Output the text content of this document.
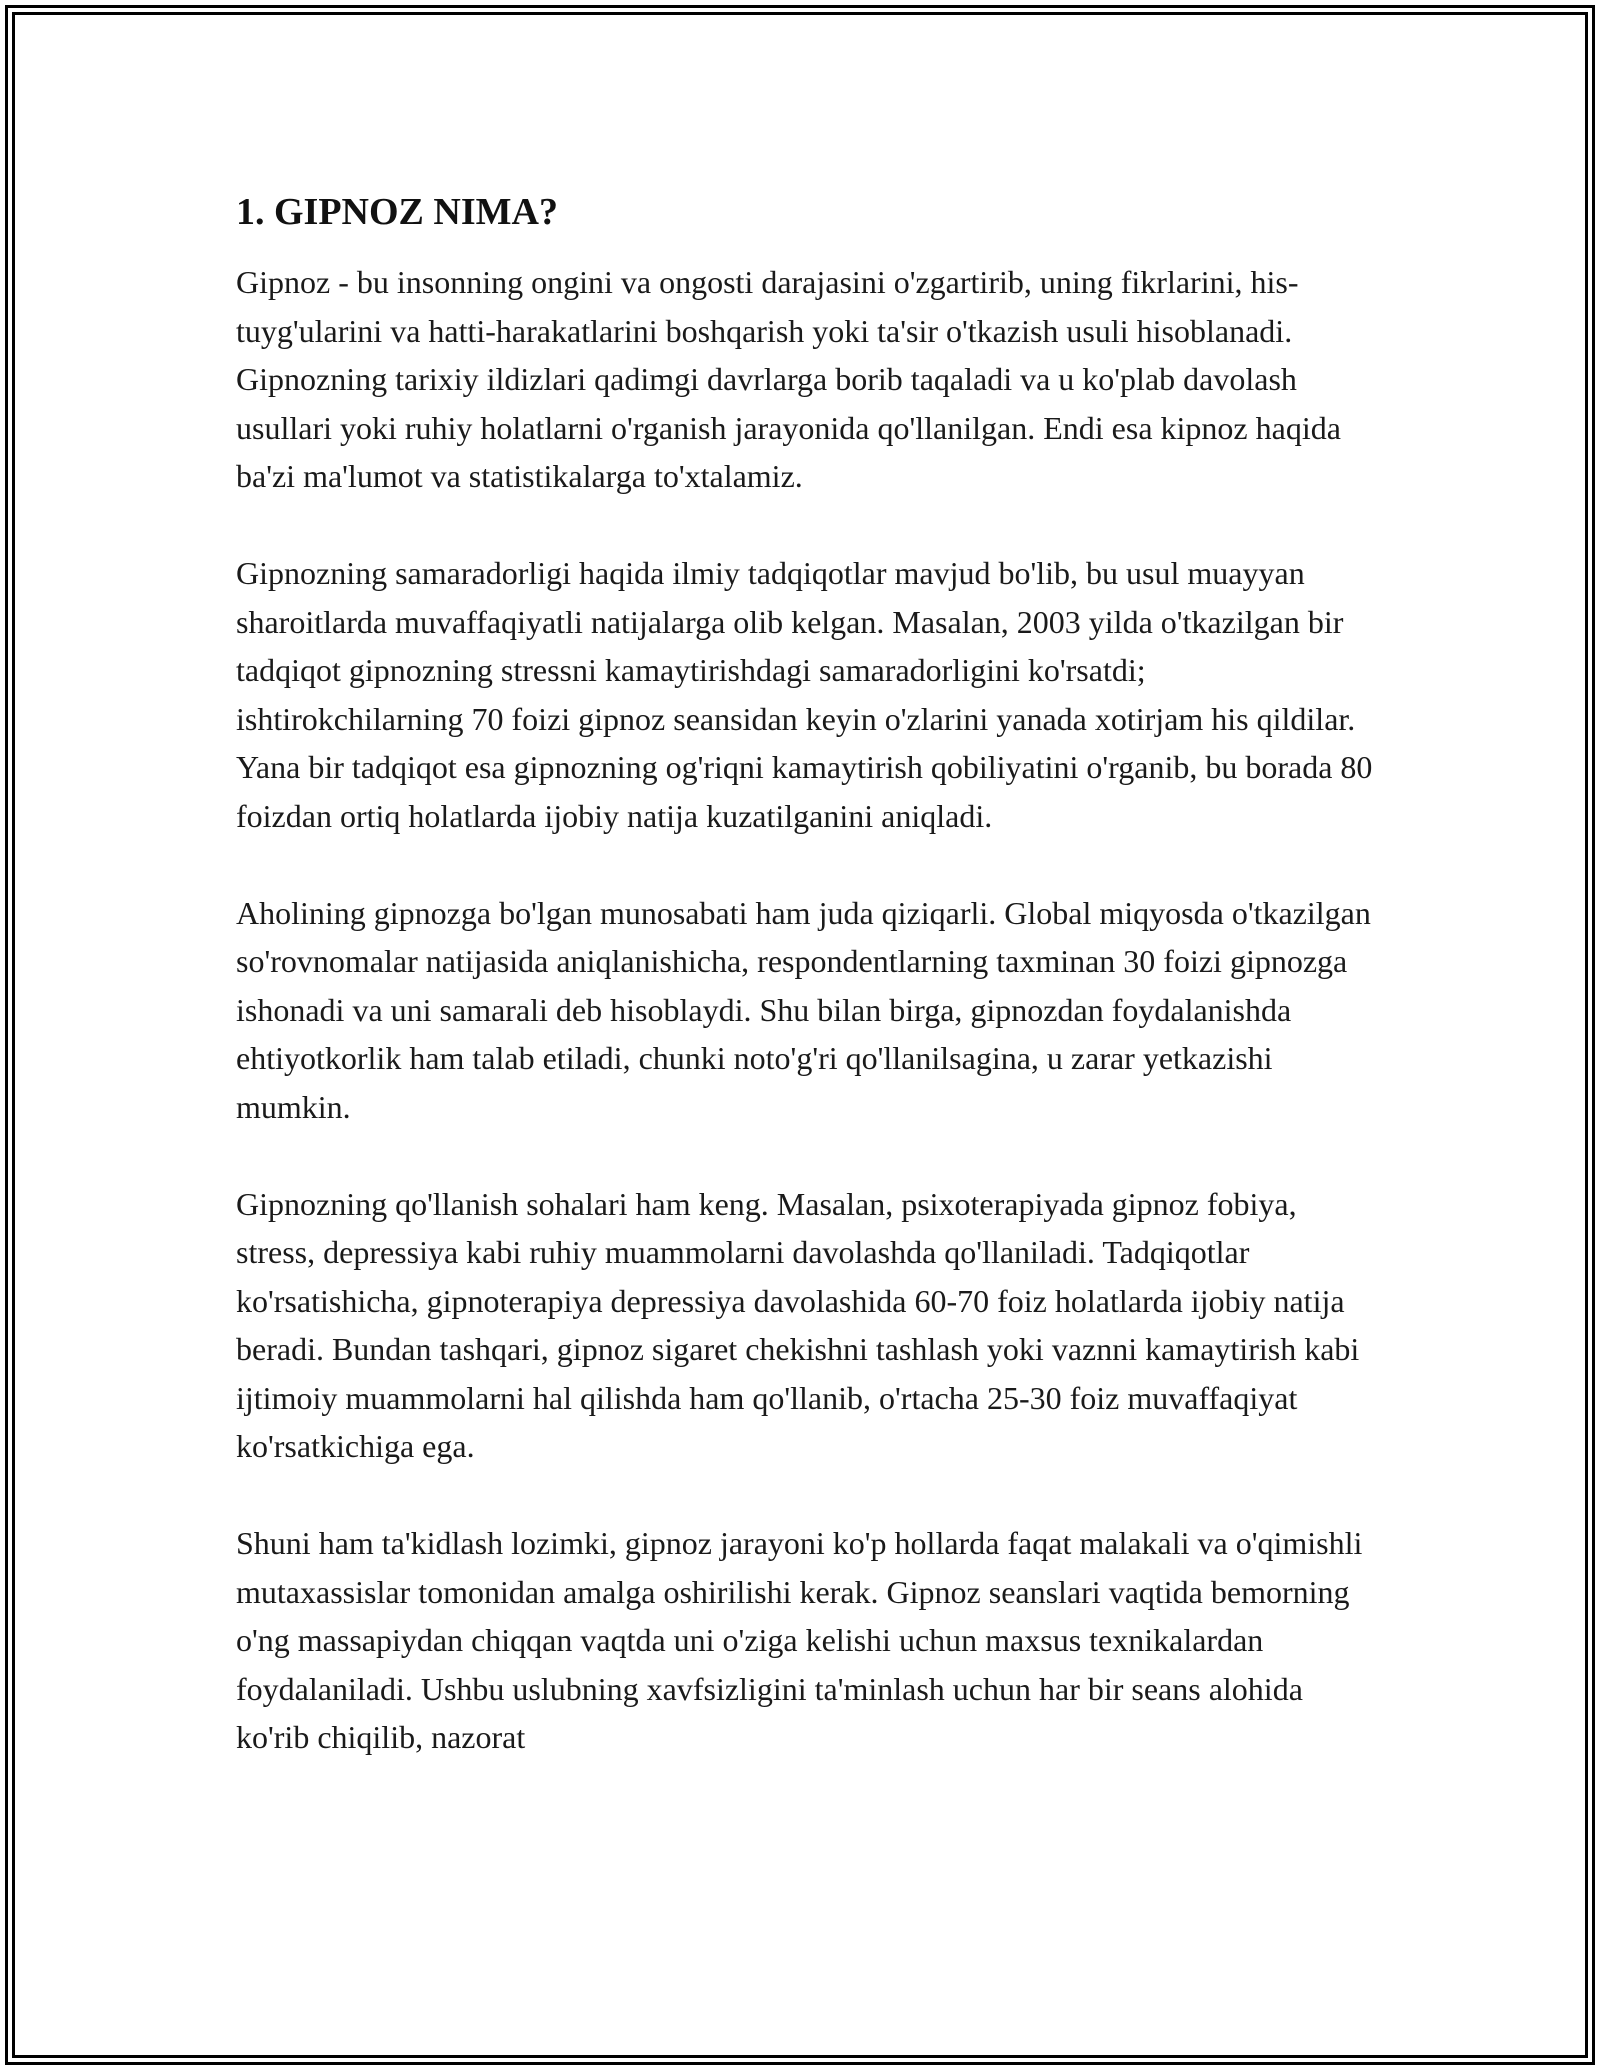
1. GIPNOZ NIMA?

Gipnoz - bu insonning ongini va ongosti darajasini o'zgartirib, uning fikrlarini, his-tuyg'ularini va hatti-harakatlarini boshqarish yoki ta'sir o'tkazish usuli hisoblanadi. Gipnozning tarixiy ildizlari qadimgi davrlarga borib taqaladi va u ko'plab davolash usullari yoki ruhiy holatlarni o'rganish jarayonida qo'llanilgan. Endi esa kipnoz haqida ba'zi ma'lumot va statistikalarga to'xtalamiz.

Gipnozning samaradorligi haqida ilmiy tadqiqotlar mavjud bo'lib, bu usul muayyan sharoitlarda muvaffaqiyatli natijalarga olib kelgan. Masalan, 2003 yilda o'tkazilgan bir tadqiqot gipnozning stressni kamaytirishdagi samaradorligini ko'rsatdi; ishtirokchilarning 70 foizi gipnoz seansidan keyin o'zlarini yanada xotirjam his qildilar. Yana bir tadqiqot esa gipnozning og'riqni kamaytirish qobiliyatini o'rganib, bu borada 80 foizdan ortiq holatlarda ijobiy natija kuzatilganini aniqladi.

Aholining gipnozga bo'lgan munosabati ham juda qiziqarli. Global miqyosda o'tkazilgan so'rovnomalar natijasida aniqlanishicha, respondentlarning taxminan 30 foizi gipnozga ishonadi va uni samarali deb hisoblaydi. Shu bilan birga, gipnozdan foydalanishda ehtiyotkorlik ham talab etiladi, chunki noto'g'ri qo'llanilsagina, u zarar yetkazishi mumkin.

Gipnozning qo'llanish sohalari ham keng. Masalan, psixoterapiyada gipnoz fobiya, stress, depressiya kabi ruhiy muammolarni davolashda qo'llaniladi. Tadqiqotlar ko'rsatishicha, gipnoterapiya depressiya davolashida 60-70 foiz holatlarda ijobiy natija beradi. Bundan tashqari, gipnoz sigaret chekishni tashlash yoki vaznni kamaytirish kabi ijtimoiy muammolarni hal qilishda ham qo'llanib, o'rtacha 25-30 foiz muvaffaqiyat ko'rsatkichiga ega.

Shuni ham ta'kidlash lozimki, gipnoz jarayoni ko'p hollarda faqat malakali va o'qimishli mutaxassislar tomonidan amalga oshirilishi kerak. Gipnoz seanslari vaqtida bemorning o'ng massapiydan chiqqan vaqtda uni o'ziga kelishi uchun maxsus texnikalardan foydalaniladi. Ushbu uslubning xavfsizligini ta'minlash uchun har bir seans alohida ko'rib chiqilib, nazorat
